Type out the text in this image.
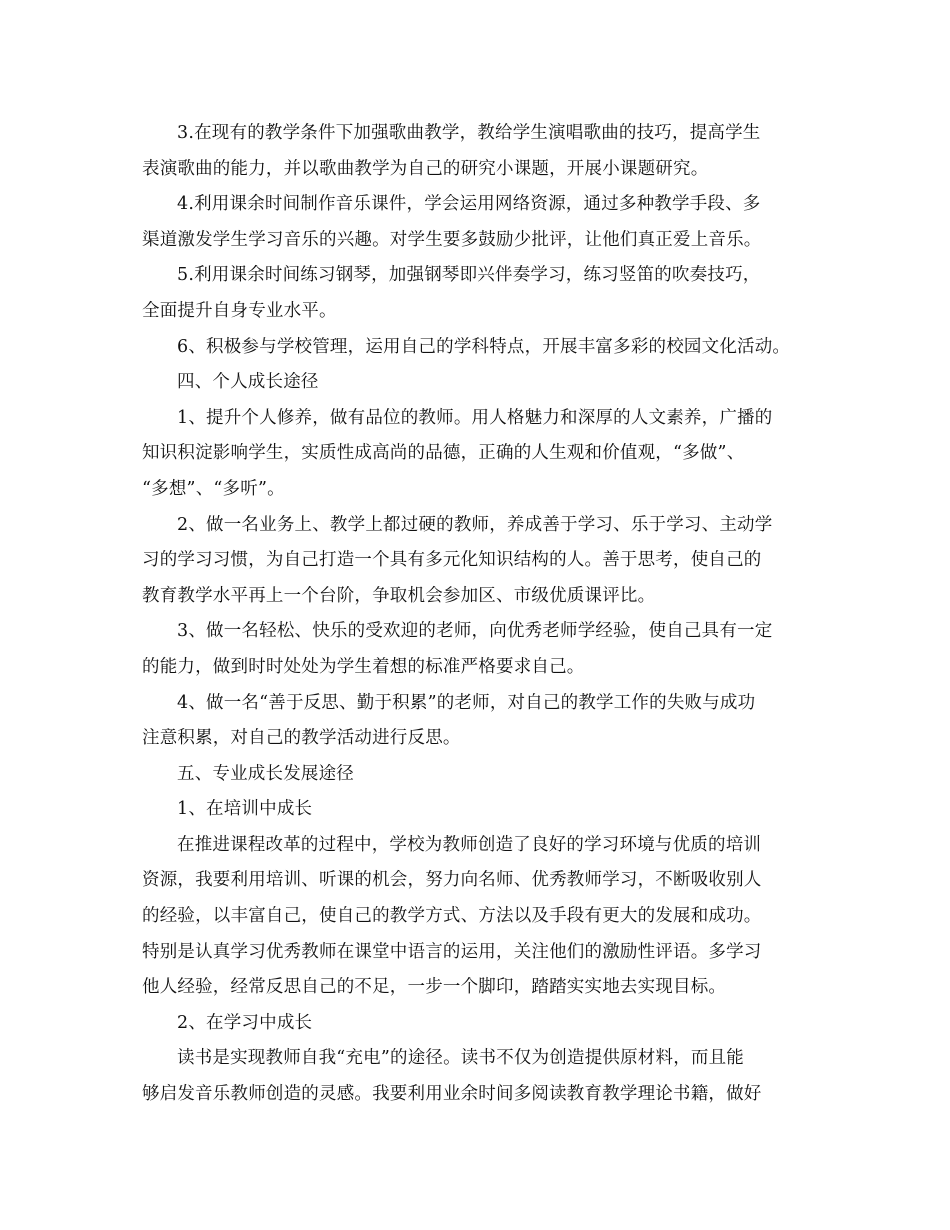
3.在现有的教学条件下加强歌曲教学，教给学生演唱歌曲的技巧，提高学生
表演歌曲的能力，并以歌曲教学为自己的研究小课题，开展小课题研究。

4.利用课余时间制作音乐课件，学会运用网络资源，通过多种教学手段、多
渠道激发学生学习音乐的兴趣。对学生要多鼓励少批评，让他们真正爱上音乐。

5.利用课余时间练习钢琴，加强钢琴即兴伴奏学习，练习竖笛的吹奏技巧，
全面提升自身专业水平。

6、积极参与学校管理，运用自己的学科特点，开展丰富多彩的校园文化活动。

四、个人成长途径

1、提升个人修养，做有品位的教师。用人格魅力和深厚的人文素养，广播的
知识积淀影响学生，实质性成高尚的品德，正确的人生观和价值观，“多做”、
“多想”、“多听”。

2、做一名业务上、教学上都过硬的教师，养成善于学习、乐于学习、主动学
习的学习习惯，为自己打造一个具有多元化知识结构的人。善于思考，使自己的
教育教学水平再上一个台阶，争取机会参加区、市级优质课评比。

3、做一名轻松、快乐的受欢迎的老师，向优秀老师学经验，使自己具有一定
的能力，做到时时处处为学生着想的标准严格要求自己。

4、做一名“善于反思、勤于积累”的老师，对自己的教学工作的失败与成功
注意积累，对自己的教学活动进行反思。

五、专业成长发展途径

1、在培训中成长

在推进课程改革的过程中，学校为教师创造了良好的学习环境与优质的培训
资源，我要利用培训、听课的机会，努力向名师、优秀教师学习，不断吸收别人
的经验，以丰富自己，使自己的教学方式、方法以及手段有更大的发展和成功。
特别是认真学习优秀教师在课堂中语言的运用，关注他们的激励性评语。多学习
他人经验，经常反思自己的不足，一步一个脚印，踏踏实实地去实现目标。

2、在学习中成长

读书是实现教师自我“充电”的途径。读书不仅为创造提供原材料，而且能
够启发音乐教师创造的灵感。我要利用业余时间多阅读教育教学理论书籍，做好
